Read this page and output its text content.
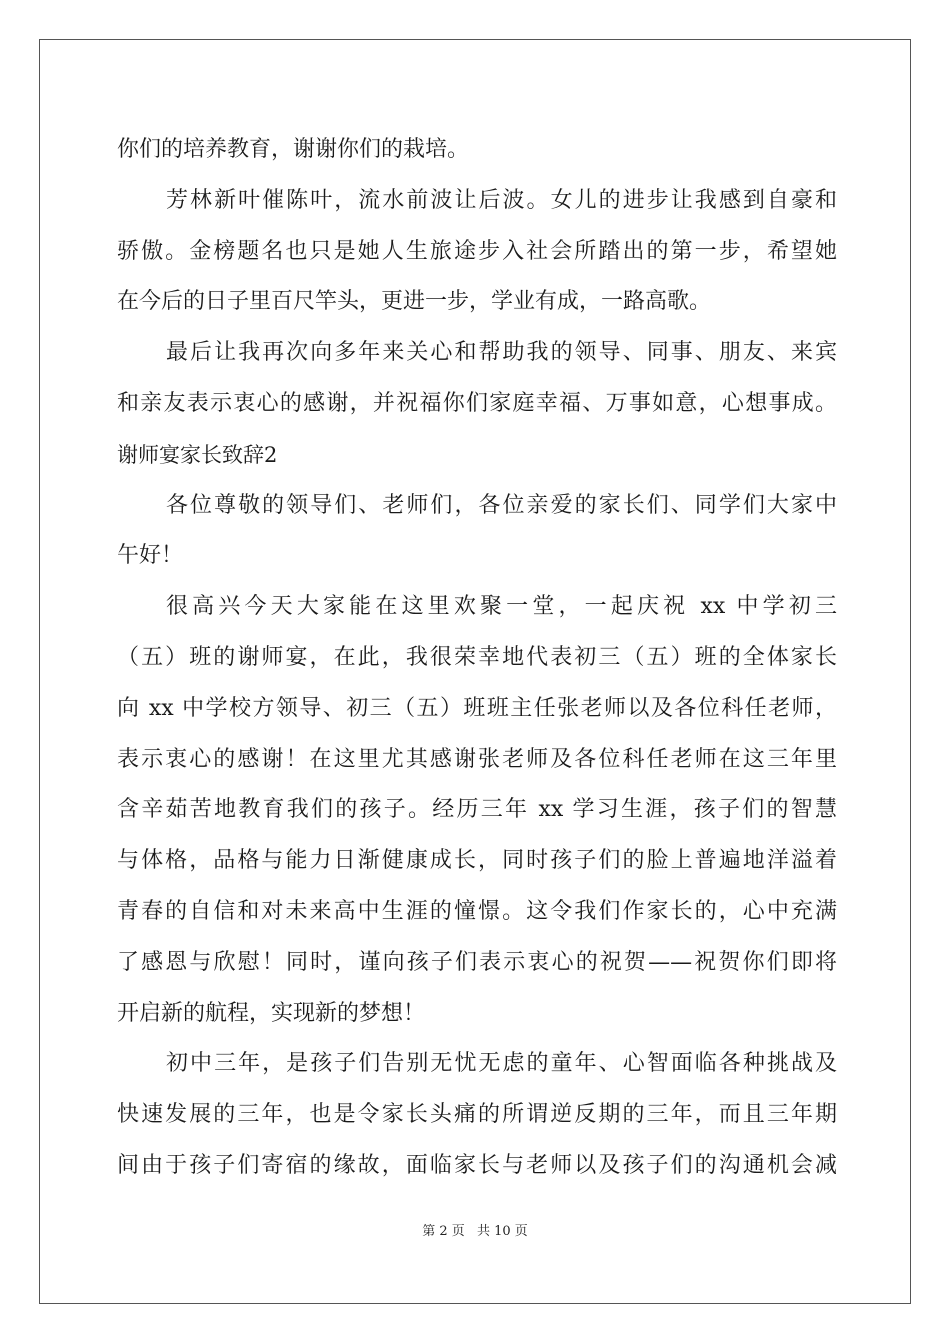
你们的培养教育，谢谢你们的栽培。
芳林新叶催陈叶，流水前波让后波。女儿的进步让我感到自豪和
骄傲。金榜题名也只是她人生旅途步入社会所踏出的第一步，希望她
在今后的日子里百尺竿头，更进一步，学业有成，一路高歌。
最后让我再次向多年来关心和帮助我的领导、同事、朋友、来宾
和亲友表示衷心的感谢，并祝福你们家庭幸福、万事如意，心想事成。
谢师宴家长致辞2
各位尊敬的领导们、老师们，各位亲爱的家长们、同学们大家中
午好！
很高兴今天大家能在这里欢聚一堂，一起庆祝 xx 中学初三
（五）班的谢师宴，在此，我很荣幸地代表初三（五）班的全体家长
向 xx 中学校方领导、初三（五）班班主任张老师以及各位科任老师，
表示衷心的感谢！在这里尤其感谢张老师及各位科任老师在这三年里
含辛茹苦地教育我们的孩子。经历三年 xx 学习生涯，孩子们的智慧
与体格，品格与能力日渐健康成长，同时孩子们的脸上普遍地洋溢着
青春的自信和对未来高中生涯的憧憬。这令我们作家长的，心中充满
了感恩与欣慰！同时，谨向孩子们表示衷心的祝贺——祝贺你们即将
开启新的航程，实现新的梦想！
初中三年，是孩子们告别无忧无虑的童年、心智面临各种挑战及
快速发展的三年，也是令家长头痛的所谓逆反期的三年，而且三年期
间由于孩子们寄宿的缘故，面临家长与老师以及孩子们的沟通机会减
第 2 页 共 10 页
